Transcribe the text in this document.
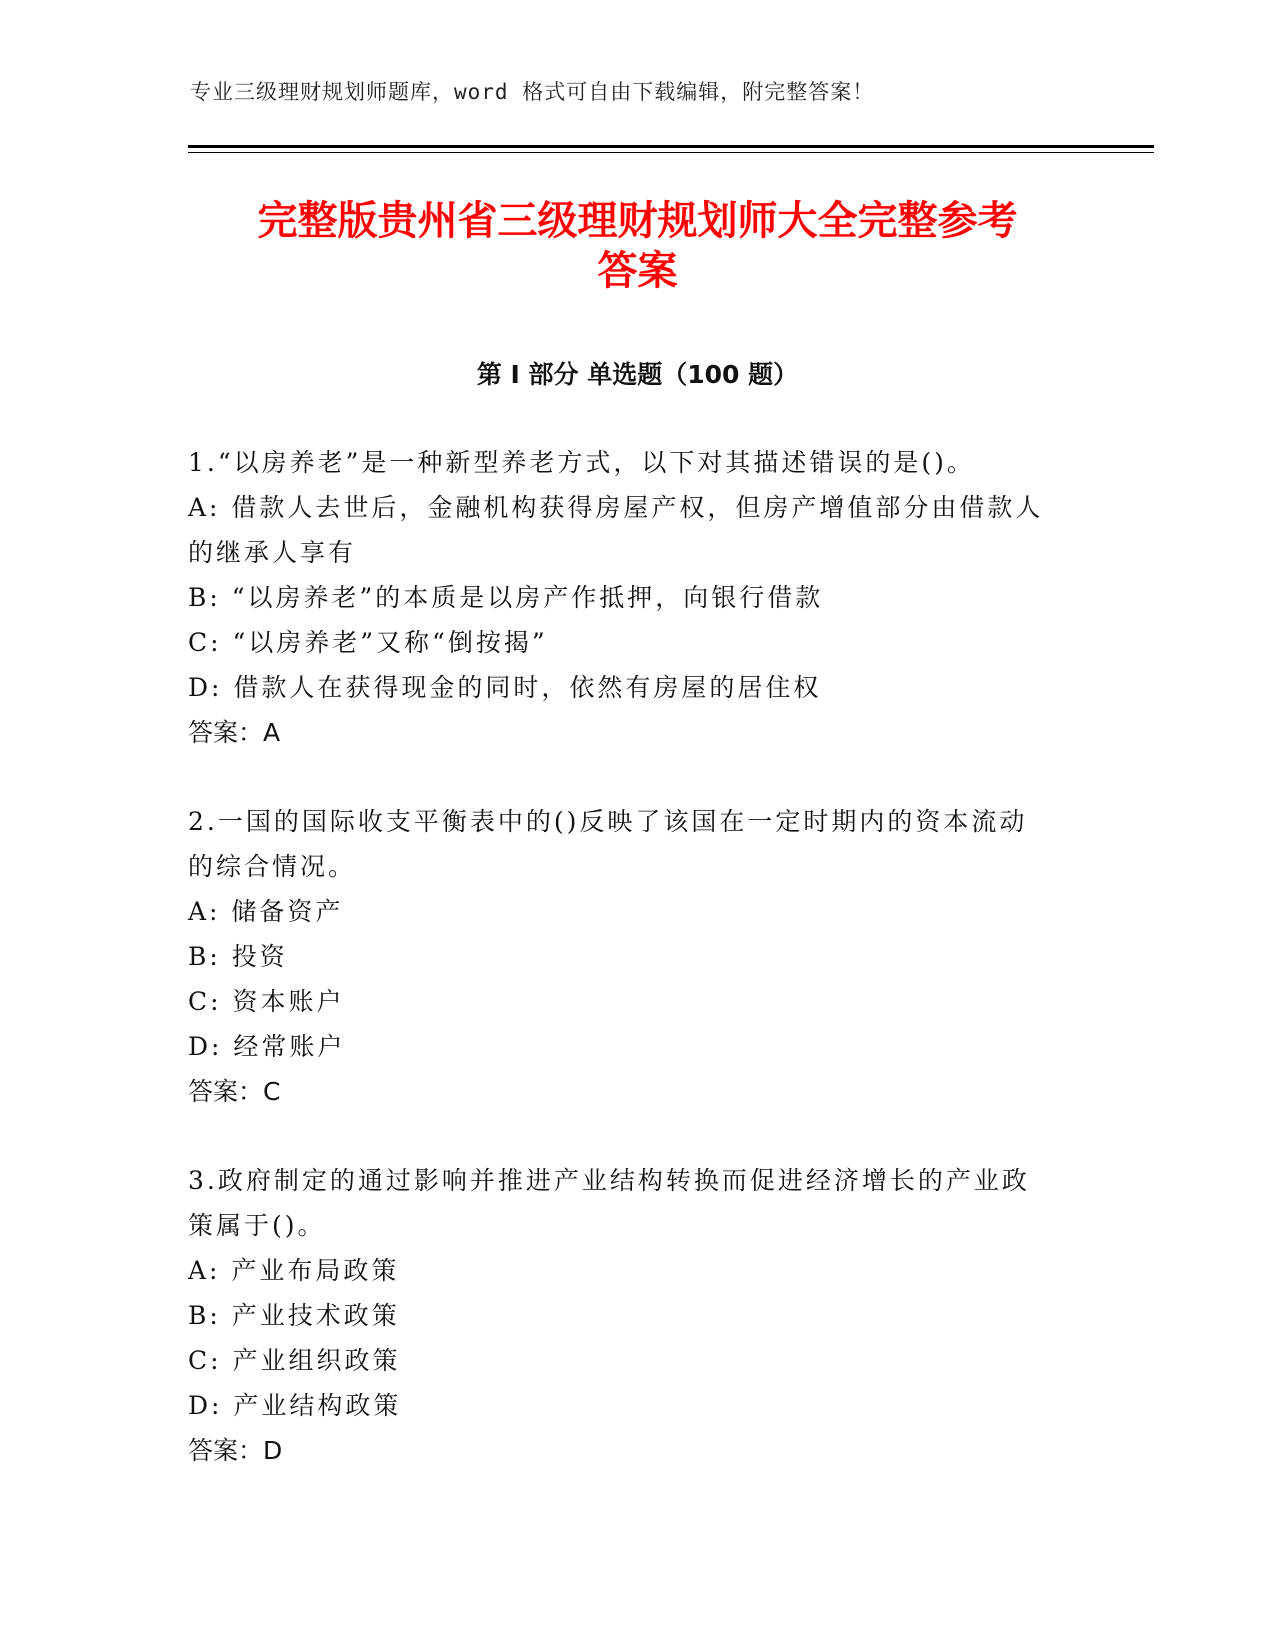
专业三级理财规划师题库，word 格式可自由下载编辑，附完整答案！
完整版贵州省三级理财规划师大全完整参考
答案
第 I 部分 单选题（100 题）
1.“以房养老”是一种新型养老方式，以下对其描述错误的是()。
A: 借款人去世后，金融机构获得房屋产权，但房产增值部分由借款人
的继承人享有
B: “以房养老”的本质是以房产作抵押，向银行借款
C: “以房养老”又称“倒按揭”
D: 借款人在获得现金的同时，依然有房屋的居住权
答案：A
2.一国的国际收支平衡表中的()反映了该国在一定时期内的资本流动
的综合情况。
A: 储备资产
B: 投资
C: 资本账户
D: 经常账户
答案：C
3.政府制定的通过影响并推进产业结构转换而促进经济增长的产业政
策属于()。
A: 产业布局政策
B: 产业技术政策
C: 产业组织政策
D: 产业结构政策
答案：D
